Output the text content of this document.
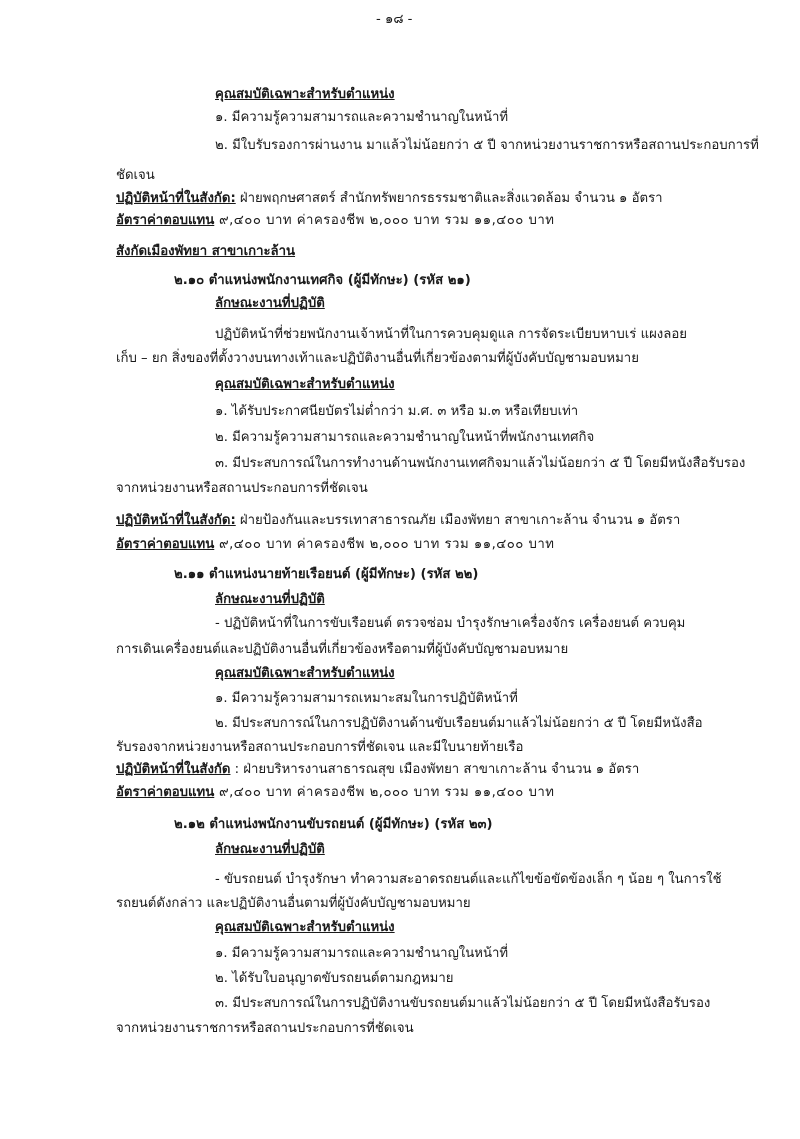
- ๑๘ -
คุณสมบัติเฉพาะสำหรับตำแหน่ง
๑. มีความรู้ความสามารถและความชำนาญในหน้าที่
๒. มีใบรับรองการผ่านงาน มาแล้วไม่น้อยกว่า ๕ ปี จากหน่วยงานราชการหรือสถานประกอบการที่
ชัดเจน
ปฏิบัติหน้าที่ในสังกัด: ฝ่ายพฤกษศาสตร์ สำนักทรัพยากรธรรมชาติและสิ่งแวดล้อม จำนวน ๑ อัตรา
อัตราค่าตอบแทน ๙,๔๐๐ บาท ค่าครองชีพ ๒,๐๐๐ บาท รวม ๑๑,๔๐๐ บาท
สังกัดเมืองพัทยา สาขาเกาะล้าน
๒.๑๐ ตำแหน่งพนักงานเทศกิจ (ผู้มีทักษะ) (รหัส ๒๑)
ลักษณะงานที่ปฏิบัติ
ปฏิบัติหน้าที่ช่วยพนักงานเจ้าหน้าที่ในการควบคุมดูแล การจัดระเบียบหาบเร่ แผงลอย
เก็บ – ยก สิ่งของที่ตั้งวางบนทางเท้าและปฏิบัติงานอื่นที่เกี่ยวข้องตามที่ผู้บังคับบัญชามอบหมาย
คุณสมบัติเฉพาะสำหรับตำแหน่ง
๑. ได้รับประกาศนียบัตรไม่ต่ำกว่า ม.ศ. ๓ หรือ ม.๓ หรือเทียบเท่า
๒. มีความรู้ความสามารถและความชำนาญในหน้าที่พนักงานเทศกิจ
๓. มีประสบการณ์ในการทำงานด้านพนักงานเทศกิจมาแล้วไม่น้อยกว่า ๕ ปี โดยมีหนังสือรับรอง
จากหน่วยงานหรือสถานประกอบการที่ชัดเจน
ปฏิบัติหน้าที่ในสังกัด: ฝ่ายป้องกันและบรรเทาสาธารณภัย เมืองพัทยา สาขาเกาะล้าน จำนวน ๑ อัตรา
อัตราค่าตอบแทน ๙,๔๐๐ บาท ค่าครองชีพ ๒,๐๐๐ บาท รวม ๑๑,๔๐๐ บาท
๒.๑๑ ตำแหน่งนายท้ายเรือยนต์ (ผู้มีทักษะ) (รหัส ๒๒)
ลักษณะงานที่ปฏิบัติ
- ปฏิบัติหน้าที่ในการขับเรือยนต์ ตรวจซ่อม บำรุงรักษาเครื่องจักร เครื่องยนต์ ควบคุม
การเดินเครื่องยนต์และปฏิบัติงานอื่นที่เกี่ยวข้องหรือตามที่ผู้บังคับบัญชามอบหมาย
คุณสมบัติเฉพาะสำหรับตำแหน่ง
๑. มีความรู้ความสามารถเหมาะสมในการปฏิบัติหน้าที่
๒. มีประสบการณ์ในการปฏิบัติงานด้านขับเรือยนต์มาแล้วไม่น้อยกว่า ๕ ปี โดยมีหนังสือ
รับรองจากหน่วยงานหรือสถานประกอบการที่ชัดเจน และมีใบนายท้ายเรือ
ปฏิบัติหน้าที่ในสังกัด : ฝ่ายบริหารงานสาธารณสุข เมืองพัทยา สาขาเกาะล้าน จำนวน ๑ อัตรา
อัตราค่าตอบแทน ๙,๔๐๐ บาท ค่าครองชีพ ๒,๐๐๐ บาท รวม ๑๑,๔๐๐ บาท
๒.๑๒ ตำแหน่งพนักงานขับรถยนต์ (ผู้มีทักษะ) (รหัส ๒๓)
ลักษณะงานที่ปฏิบัติ
- ขับรถยนต์ บำรุงรักษา ทำความสะอาดรถยนต์และแก้ไขข้อขัดข้องเล็ก ๆ น้อย ๆ ในการใช้
รถยนต์ดังกล่าว และปฏิบัติงานอื่นตามที่ผู้บังคับบัญชามอบหมาย
คุณสมบัติเฉพาะสำหรับตำแหน่ง
๑. มีความรู้ความสามารถและความชำนาญในหน้าที่
๒. ได้รับใบอนุญาตขับรถยนต์ตามกฎหมาย
๓. มีประสบการณ์ในการปฏิบัติงานขับรถยนต์มาแล้วไม่น้อยกว่า ๕ ปี โดยมีหนังสือรับรอง
จากหน่วยงานราชการหรือสถานประกอบการที่ชัดเจน
